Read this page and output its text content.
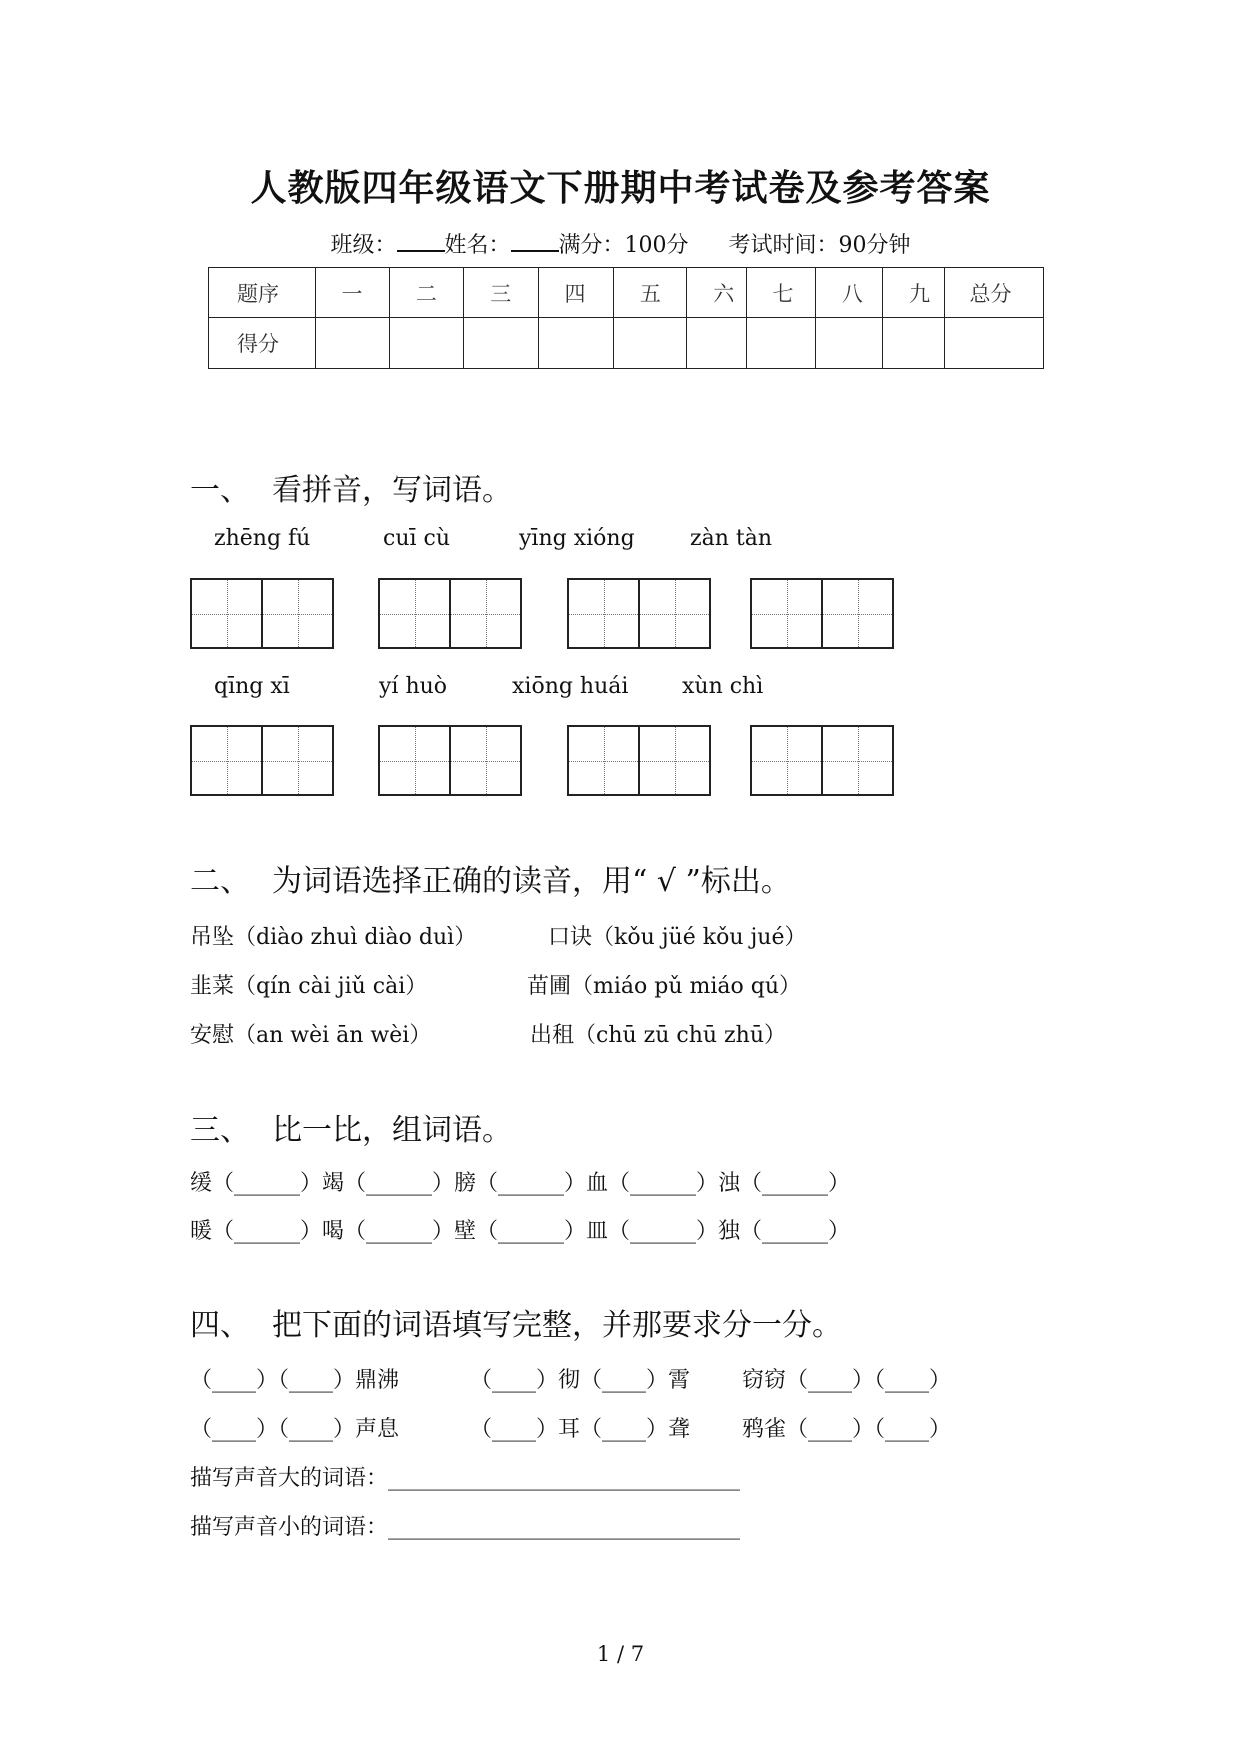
人教版四年级语文下册期中考试卷及参考答案
班级： 姓名： 满分：100分 考试时间：90分钟
题序	一	二	三	四	五	六	七	八	九	总分
得分										
一、 看拼音，写词语。
zhēng fú	cuī cù	yīng xióng	zàn tàn
qīng xī	yí huò	xiōng huái xùn chì
二、 为词语选择正确的读音，用“ √ ”标出。
吊坠（diào zhuì diào duì）	口诀（kǒu jüé kǒu jué）
韭菜（qín cài jiǔ cài）	苗圃（miáo pǔ miáo qú）
安慰（an wèi ān wèi）	出租（chū zū chū zhū）
三、 比一比，组词语。
缓（______）竭（______）膀（______）血（______）浊（______）
暖（______）喝（______）壁（______）皿（______）独（______）
四、 把下面的词语填写完整，并那要求分一分。
（____）（____）鼎沸	（____）彻（____）霄 窃窃（____）（____）
（____）（____）声息	（____）耳（____）聋 鸦雀（____）（____）
描写声音大的词语：________________________________
描写声音小的词语：________________________________
1 / 7
